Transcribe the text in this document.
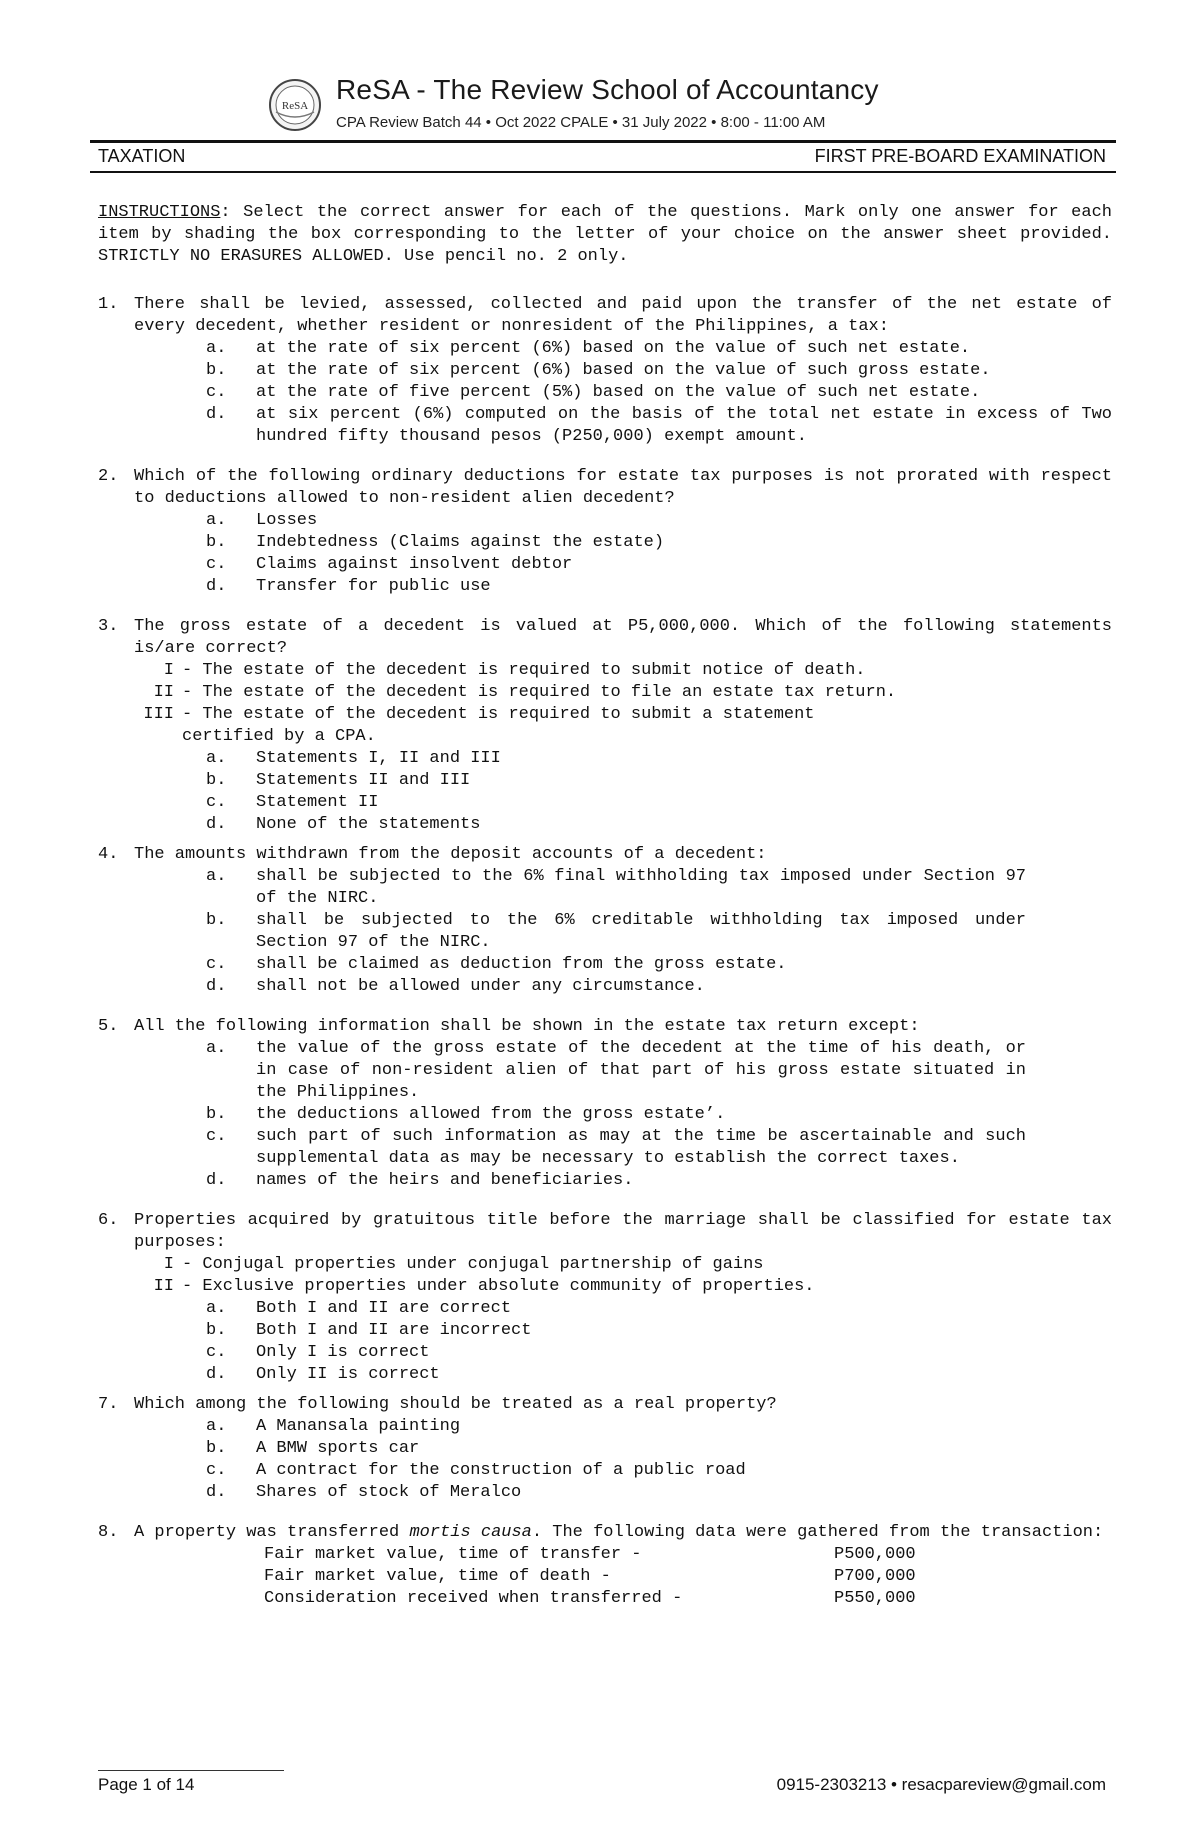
ReSA
ReSA - The Review School of Accountancy
CPA Review Batch 44 • Oct 2022 CPALE • 31 July 2022 • 8:00 - 11:00 AM
TAXATION	FIRST PRE-BOARD EXAMINATION

INSTRUCTIONS: Select the correct answer for each of the questions. Mark only one answer for each item by shading the box corresponding to the letter of your choice on the answer sheet provided. STRICTLY NO ERASURES ALLOWED. Use pencil no. 2 only.

1. There shall be levied, assessed, collected and paid upon the transfer of the net estate of every decedent, whether resident or nonresident of the Philippines, a tax:
a.	at the rate of six percent (6%) based on the value of such net estate.
b.	at the rate of six percent (6%) based on the value of such gross estate.
c.	at the rate of five percent (5%) based on the value of such net estate.
d.	at six percent (6%) computed on the basis of the total net estate in excess of Two hundred fifty thousand pesos (P250,000) exempt amount.
2. Which of the following ordinary deductions for estate tax purposes is not prorated with respect to deductions allowed to non-resident alien decedent?
a.	Losses
b.	Indebtedness (Claims against the estate)
c.	Claims against insolvent debtor
d.	Transfer for public use
3. The gross estate of a decedent is valued at P5,000,000. Which of the following statements is/are correct?
I - The estate of the decedent is required to submit notice of death.
II - The estate of the decedent is required to file an estate tax return.
III - The estate of the decedent is required to submit a statement certified by a CPA.
a.	Statements I, II and III
b.	Statements II and III
c.	Statement II
d.	None of the statements
4. The amounts withdrawn from the deposit accounts of a decedent:
a.	shall be subjected to the 6% final withholding tax imposed under Section 97 of the NIRC.
b.	shall be subjected to the 6% creditable withholding tax imposed under Section 97 of the NIRC.
c.	shall be claimed as deduction from the gross estate.
d.	shall not be allowed under any circumstance.
5. All the following information shall be shown in the estate tax return except:
a.	the value of the gross estate of the decedent at the time of his death, or in case of non-resident alien of that part of his gross estate situated in the Philippines.
b.	the deductions allowed from the gross estate’.
c.	such part of such information as may at the time be ascertainable and such supplemental data as may be necessary to establish the correct taxes.
d.	names of the heirs and beneficiaries.
6. Properties acquired by gratuitous title before the marriage shall be classified for estate tax purposes:
I - Conjugal properties under conjugal partnership of gains
II - Exclusive properties under absolute community of properties.
a.	Both I and II are correct
b.	Both I and II are incorrect
c.	Only I is correct
d.	Only II is correct
7. Which among the following should be treated as a real property?
a.	A Manansala painting
b.	A BMW sports car
c.	A contract for the construction of a public road
d.	Shares of stock of Meralco
8. A property was transferred mortis causa. The following data were gathered from the transaction:
Fair market value, time of transfer -	P500,000
Fair market value, time of death -	P700,000
Consideration received when transferred -	P550,000
Page 1 of 14	0915-2303213 • resacpareview@gmail.com
